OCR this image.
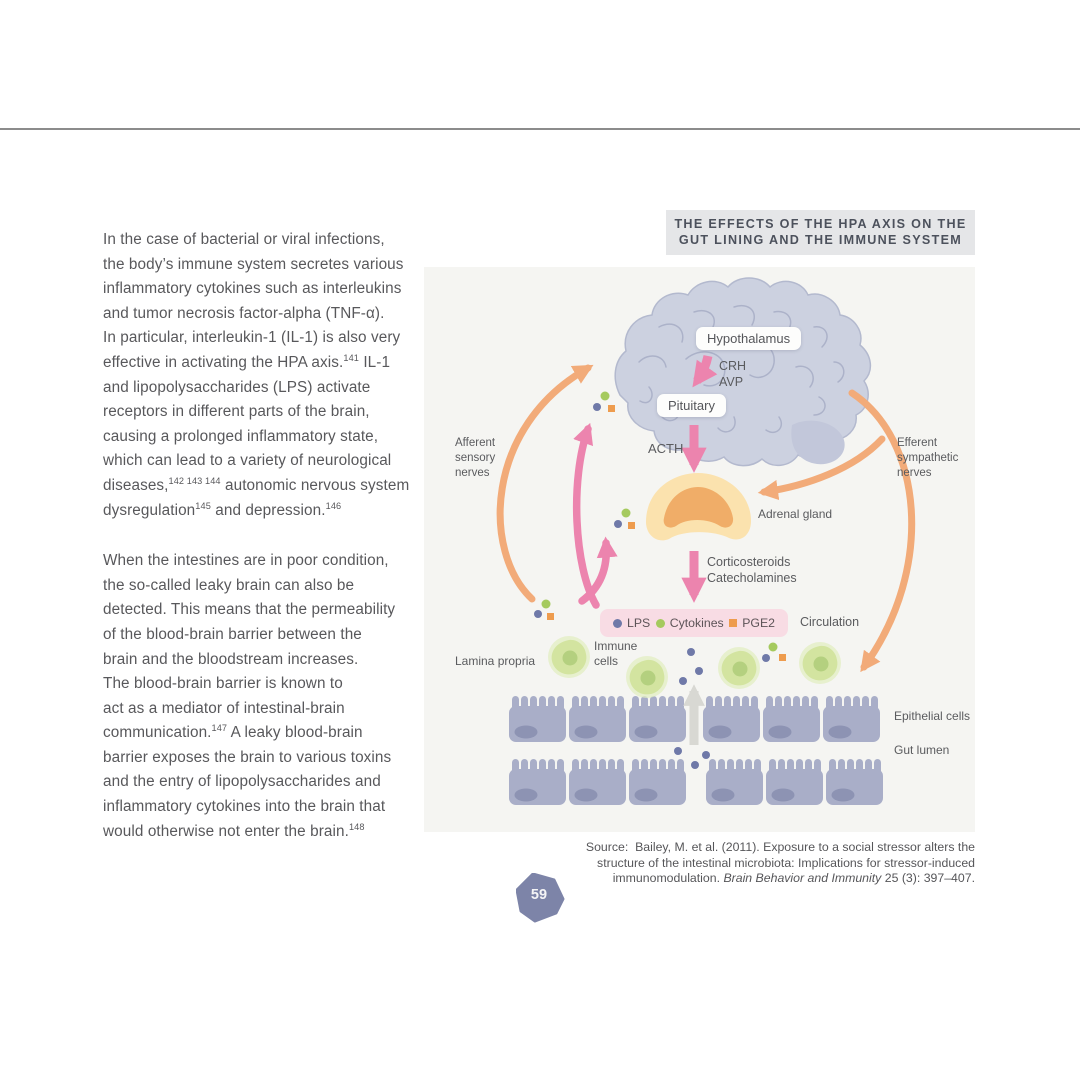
In the case of bacterial or viral infections,
the body’s immune system secretes various
inflammatory cytokines such as interleukins
and tumor necrosis factor-alpha (TNF-α).
In particular, interleukin-1 (IL-1) is also very
effective in activating the HPA axis.$^{141}$ IL-1
and lipopolysaccharides (LPS) activate
receptors in different parts of the brain,
causing a prolonged inflammatory state,
which can lead to a variety of neurological
diseases,$^{142 143 144}$ autonomic nervous system
dysregulation$^{145}$ and depression.$^{146}$

When the intestines are in poor condition,
the so-called leaky brain can also be
detected. This means that the permeability
of the blood-brain barrier between the
brain and the bloodstream increases.
The blood-brain barrier is known to
act as a mediator of intestinal-brain
communication.$^{147}$ A leaky blood-brain
barrier exposes the brain to various toxins
and the entry of lipopolysaccharides and
inflammatory cytokines into the brain that
would otherwise not enter the brain.$^{148}$

THE EFFECTS OF THE HPA AXIS ON THE
GUT LINING AND THE IMMUNE SYSTEM
Hypothalamus
Pituitary
CRH
AVP
ACTH
Adrenal gland
Corticosteroids
Catecholamines
Afferent
sensory
nerves
Efferent
sympathetic
nerves
LPS Cytokines PGE2 Circulation
Lamina propria
Immune
cells
Epithelial cells
Gut lumen
Source:  Bailey, M. et al. (2011). Exposure to a social stressor alters the
structure of the intestinal microbiota: Implications for stressor-induced
immunomodulation. Brain Behavior and Immunity 25 (3): 397–407.
59
